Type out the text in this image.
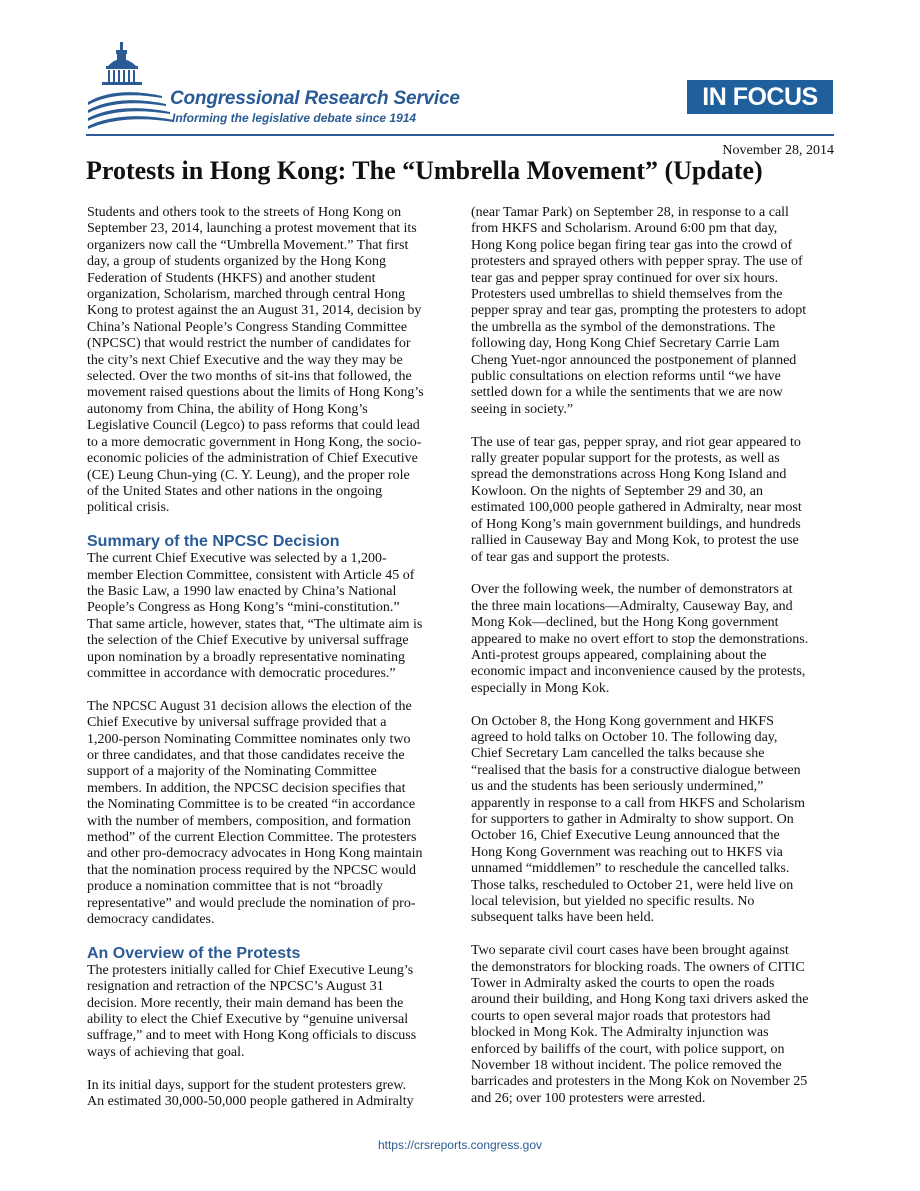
Congressional Research Service
Informing the legislative debate since 1914
IN FOCUS
November 28, 2014
Protests in Hong Kong: The “Umbrella Movement” (Update)

Students and others took to the streets of Hong Kong on
September 23, 2014, launching a protest movement that its
organizers now call the “Umbrella Movement.” That first
day, a group of students organized by the Hong Kong
Federation of Students (HKFS) and another student
organization, Scholarism, marched through central Hong
Kong to protest against the an August 31, 2014, decision by
China’s National People’s Congress Standing Committee
(NPCSC) that would restrict the number of candidates for
the city’s next Chief Executive and the way they may be
selected. Over the two months of sit-ins that followed, the
movement raised questions about the limits of Hong Kong’s
autonomy from China, the ability of Hong Kong’s
Legislative Council (Legco) to pass reforms that could lead
to a more democratic government in Hong Kong, the socio-
economic policies of the administration of Chief Executive
(CE) Leung Chun-ying (C. Y. Leung), and the proper role
of the United States and other nations in the ongoing
political crisis.

Summary of the NPCSC Decision

The current Chief Executive was selected by a 1,200-
member Election Committee, consistent with Article 45 of
the Basic Law, a 1990 law enacted by China’s National
People’s Congress as Hong Kong’s “mini-constitution.”
That same article, however, states that, “The ultimate aim is
the selection of the Chief Executive by universal suffrage
upon nomination by a broadly representative nominating
committee in accordance with democratic procedures.”

The NPCSC August 31 decision allows the election of the
Chief Executive by universal suffrage provided that a
1,200-person Nominating Committee nominates only two
or three candidates, and that those candidates receive the
support of a majority of the Nominating Committee
members. In addition, the NPCSC decision specifies that
the Nominating Committee is to be created “in accordance
with the number of members, composition, and formation
method” of the current Election Committee. The protesters
and other pro-democracy advocates in Hong Kong maintain
that the nomination process required by the NPCSC would
produce a nomination committee that is not “broadly
representative” and would preclude the nomination of pro-
democracy candidates.

An Overview of the Protests

The protesters initially called for Chief Executive Leung’s
resignation and retraction of the NPCSC’s August 31
decision. More recently, their main demand has been the
ability to elect the Chief Executive by “genuine universal
suffrage,” and to meet with Hong Kong officials to discuss
ways of achieving that goal.

In its initial days, support for the student protesters grew.
An estimated 30,000-50,000 people gathered in Admiralty

(near Tamar Park) on September 28, in response to a call
from HKFS and Scholarism. Around 6:00 pm that day,
Hong Kong police began firing tear gas into the crowd of
protesters and sprayed others with pepper spray. The use of
tear gas and pepper spray continued for over six hours.
Protesters used umbrellas to shield themselves from the
pepper spray and tear gas, prompting the protesters to adopt
the umbrella as the symbol of the demonstrations. The
following day, Hong Kong Chief Secretary Carrie Lam
Cheng Yuet-ngor announced the postponement of planned
public consultations on election reforms until “we have
settled down for a while the sentiments that we are now
seeing in society.”

The use of tear gas, pepper spray, and riot gear appeared to
rally greater popular support for the protests, as well as
spread the demonstrations across Hong Kong Island and
Kowloon. On the nights of September 29 and 30, an
estimated 100,000 people gathered in Admiralty, near most
of Hong Kong’s main government buildings, and hundreds
rallied in Causeway Bay and Mong Kok, to protest the use
of tear gas and support the protests.

Over the following week, the number of demonstrators at
the three main locations—Admiralty, Causeway Bay, and
Mong Kok—declined, but the Hong Kong government
appeared to make no overt effort to stop the demonstrations.
Anti-protest groups appeared, complaining about the
economic impact and inconvenience caused by the protests,
especially in Mong Kok.

On October 8, the Hong Kong government and HKFS
agreed to hold talks on October 10. The following day,
Chief Secretary Lam cancelled the talks because she
“realised that the basis for a constructive dialogue between
us and the students has been seriously undermined,”
apparently in response to a call from HKFS and Scholarism
for supporters to gather in Admiralty to show support. On
October 16, Chief Executive Leung announced that the
Hong Kong Government was reaching out to HKFS via
unnamed “middlemen” to reschedule the cancelled talks.
Those talks, rescheduled to October 21, were held live on
local television, but yielded no specific results. No
subsequent talks have been held.

Two separate civil court cases have been brought against
the demonstrators for blocking roads. The owners of CITIC
Tower in Admiralty asked the courts to open the roads
around their building, and Hong Kong taxi drivers asked the
courts to open several major roads that protestors had
blocked in Mong Kok. The Admiralty injunction was
enforced by bailiffs of the court, with police support, on
November 18 without incident. The police removed the
barricades and protesters in the Mong Kok on November 25
and 26; over 100 protesters were arrested.

https://crsreports.congress.gov
